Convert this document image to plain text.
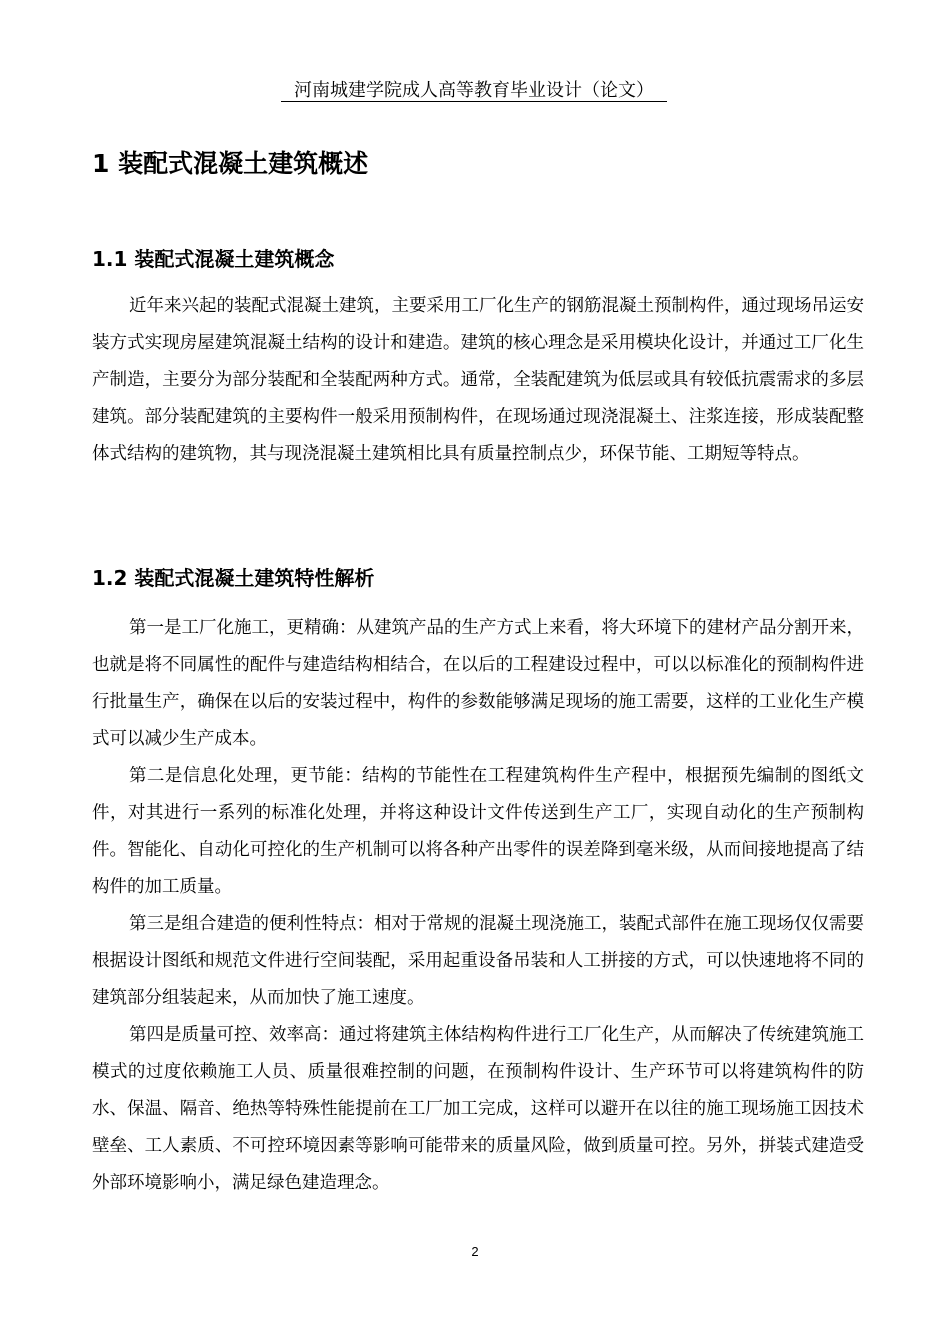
河南城建学院成人高等教育毕业设计（论文）
1 装配式混凝土建筑概述
1.1 装配式混凝土建筑概念

近年来兴起的装配式混凝土建筑，主要采用工厂化生产的钢筋混凝土预制构件，通过现场吊运安装方式实现房屋建筑混凝土结构的设计和建造。建筑的核心理念是采用模块化设计，并通过工厂化生产制造，主要分为部分装配和全装配两种方式。通常，全装配建筑为低层或具有较低抗震需求的多层建筑。部分装配建筑的主要构件一般采用预制构件，在现场通过现浇混凝土、注浆连接，形成装配整体式结构的建筑物，其与现浇混凝土建筑相比具有质量控制点少，环保节能、工期短等特点。

1.2 装配式混凝土建筑特性解析

第一是工厂化施工，更精确：从建筑产品的生产方式上来看，将大环境下的建材产品分割开来，也就是将不同属性的配件与建造结构相结合，在以后的工程建设过程中，可以以标准化的预制构件进行批量生产，确保在以后的安装过程中，构件的参数能够满足现场的施工需要，这样的工业化生产模式可以减少生产成本。

第二是信息化处理，更节能：结构的节能性在工程建筑构件生产程中，根据预先编制的图纸文件，对其进行一系列的标准化处理，并将这种设计文件传送到生产工厂，实现自动化的生产预制构件。智能化、自动化可控化的生产机制可以将各种产出零件的误差降到毫米级，从而间接地提高了结构件的加工质量。

第三是组合建造的便利性特点：相对于常规的混凝土现浇施工，装配式部件在施工现场仅仅需要根据设计图纸和规范文件进行空间装配，采用起重设备吊装和人工拼接的方式，可以快速地将不同的建筑部分组装起来，从而加快了施工速度。

第四是质量可控、效率高：通过将建筑主体结构构件进行工厂化生产，从而解决了传统建筑施工模式的过度依赖施工人员、质量很难控制的问题，在预制构件设计、生产环节可以将建筑构件的防水、保温、隔音、绝热等特殊性能提前在工厂加工完成，这样可以避开在以往的施工现场施工因技术壁垒、工人素质、不可控环境因素等影响可能带来的质量风险，做到质量可控。另外，拼装式建造受外部环境影响小，满足绿色建造理念。

2
